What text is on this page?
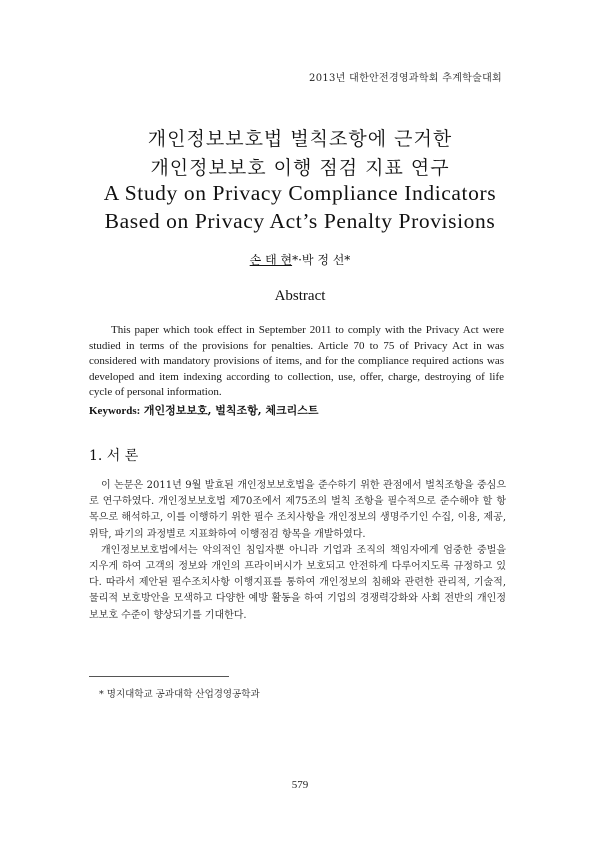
2013년 대한안전경영과학회 추계학술대회
개인정보보호법 벌칙조항에 근거한
개인정보보호 이행 점검 지표 연구
A Study on Privacy Compliance Indicators
Based on Privacy Act’s Penalty Provisions
손 태 현*·박 정 선*
Abstract

This paper which took effect in September 2011 to comply with the Privacy Act were studied in terms of the provisions for penalties. Article 70 to 75 of Privacy Act in was considered with mandatory provisions of items, and for the compliance required actions was developed and item indexing according to collection, use, offer, charge, destroying of life cycle of personal information.

Keywords: 개인정보보호, 벌칙조항, 체크리스트
1. 서 론

이 논문은 2011년 9월 발효된 개인정보보호법을 준수하기 위한 관점에서 벌칙조항을 중심으로 연구하였다. 개인정보보호법 제70조에서 제75조의 벌칙 조항을 필수적으로 준수해야 할 항목으로 해석하고, 이를 이행하기 위한 필수 조치사항을 개인정보의 생명주기인 수집, 이용, 제공, 위탁, 파기의 과정별로 지표화하여 이행점검 항목을 개발하였다.

개인정보보호법에서는 악의적인 침입자뿐 아니라 기업과 조직의 책임자에게 엄중한 중벌을 지우게 하여 고객의 정보와 개인의 프라이버시가 보호되고 안전하게 다루어지도록 규정하고 있다. 따라서 제안된 필수조치사항 이행지표를 통하여 개인정보의 침해와 관련한 관리적, 기술적, 물리적 보호방안을 모색하고 다양한 예방 활동을 하여 기업의 경쟁력강화와 사회 전반의 개인정보보호 수준이 향상되기를 기대한다.

* 명지대학교 공과대학 산업경영공학과
579
